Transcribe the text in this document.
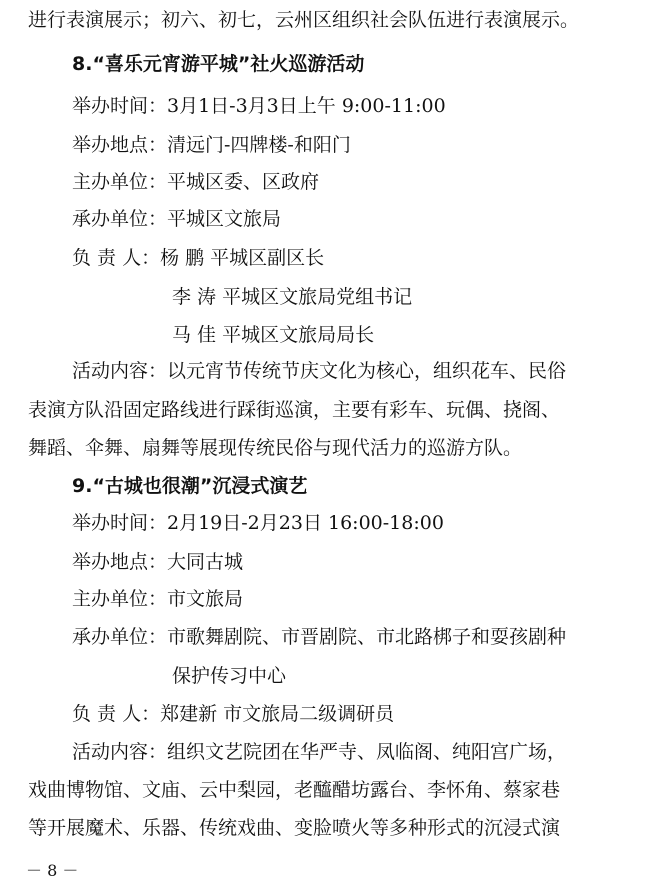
进行表演展示；初六、初七，云州区组织社会队伍进行表演展示。
8.“喜乐元宵游平城”社火巡游活动
举办时间：3月1日-3月3日上午 9:00-11:00
举办地点：清远门-四牌楼-和阳门
主办单位：平城区委、区政府
承办单位：平城区文旅局
负 责 人：杨 鹏 平城区副区长
李 涛 平城区文旅局党组书记
马 佳 平城区文旅局局长
活动内容：以元宵节传统节庆文化为核心，组织花车、民俗
表演方队沿固定路线进行踩街巡演，主要有彩车、玩偶、挠阁、
舞蹈、伞舞、扇舞等展现传统民俗与现代活力的巡游方队。
9.“古城也很潮”沉浸式演艺
举办时间：2月19日-2月23日 16:00-18:00
举办地点：大同古城
主办单位：市文旅局
承办单位：市歌舞剧院、市晋剧院、市北路梆子和耍孩剧种
保护传习中心
负 责 人：郑建新 市文旅局二级调研员
活动内容：组织文艺院团在华严寺、凤临阁、纯阳宫广场，
戏曲博物馆、文庙、云中梨园，老醯醋坊露台、李怀角、蔡家巷
等开展魔术、乐器、传统戏曲、变脸喷火等多种形式的沉浸式演
－ 8 －
